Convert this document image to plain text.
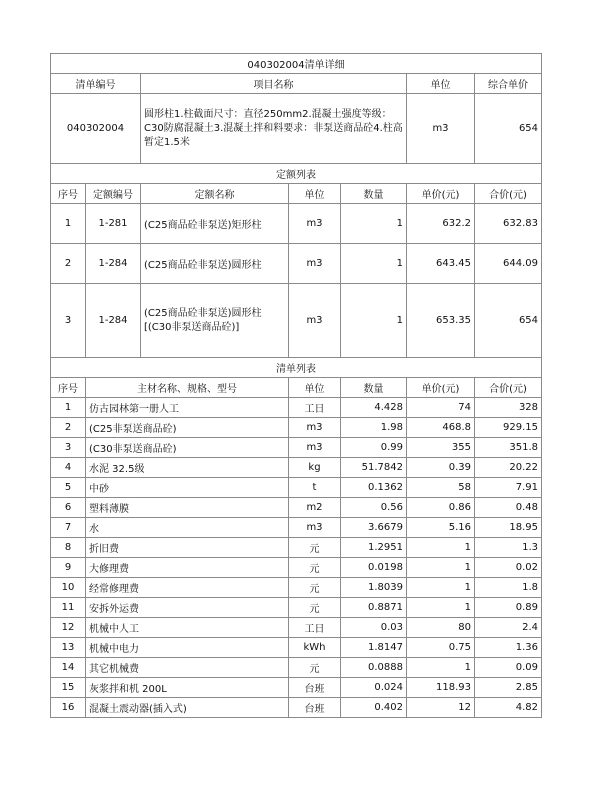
040302004清单详细						
清单编号		项目名称			单位	综合单价
040302004		圆形柱1.柱截面尺寸：直径250mm2.混凝土强度等级：C30防腐混凝土3.混凝土拌和料要求：非泵送商品砼4.柱高暂定1.5米			m3	654
定额列表						
序号	定额编号	定额名称	单位	数量	单价(元)	合价(元)
1	1-281	(C25商品砼非泵送)矩形柱	m3	1	632.2	632.83
2	1-284	(C25商品砼非泵送)圆形柱	m3	1	643.45	644.09
3	1-284	(C25商品砼非泵送)圆形柱[(C30非泵送商品砼)]	m3	1	653.35	654
清单列表						
序号	主材名称、规格、型号		单位	数量	单价(元)	合价(元)
1	仿古园林第一册人工		工日	4.428	74	328
2	(C25非泵送商品砼)		m3	1.98	468.8	929.15
3	(C30非泵送商品砼)		m3	0.99	355	351.8
4	水泥 32.5级		kg	51.7842	0.39	20.22
5	中砂		t	0.1362	58	7.91
6	塑料薄膜		m2	0.56	0.86	0.48
7	水		m3	3.6679	5.16	18.95
8	折旧费		元	1.2951	1	1.3
9	大修理费		元	0.0198	1	0.02
10	经常修理费		元	1.8039	1	1.8
11	安拆外运费		元	0.8871	1	0.89
12	机械中人工		工日	0.03	80	2.4
13	机械中电力		kWh	1.8147	0.75	1.36
14	其它机械费		元	0.0888	1	0.09
15	灰浆拌和机 200L		台班	0.024	118.93	2.85
16	混凝土震动器(插入式)		台班	0.402	12	4.82
